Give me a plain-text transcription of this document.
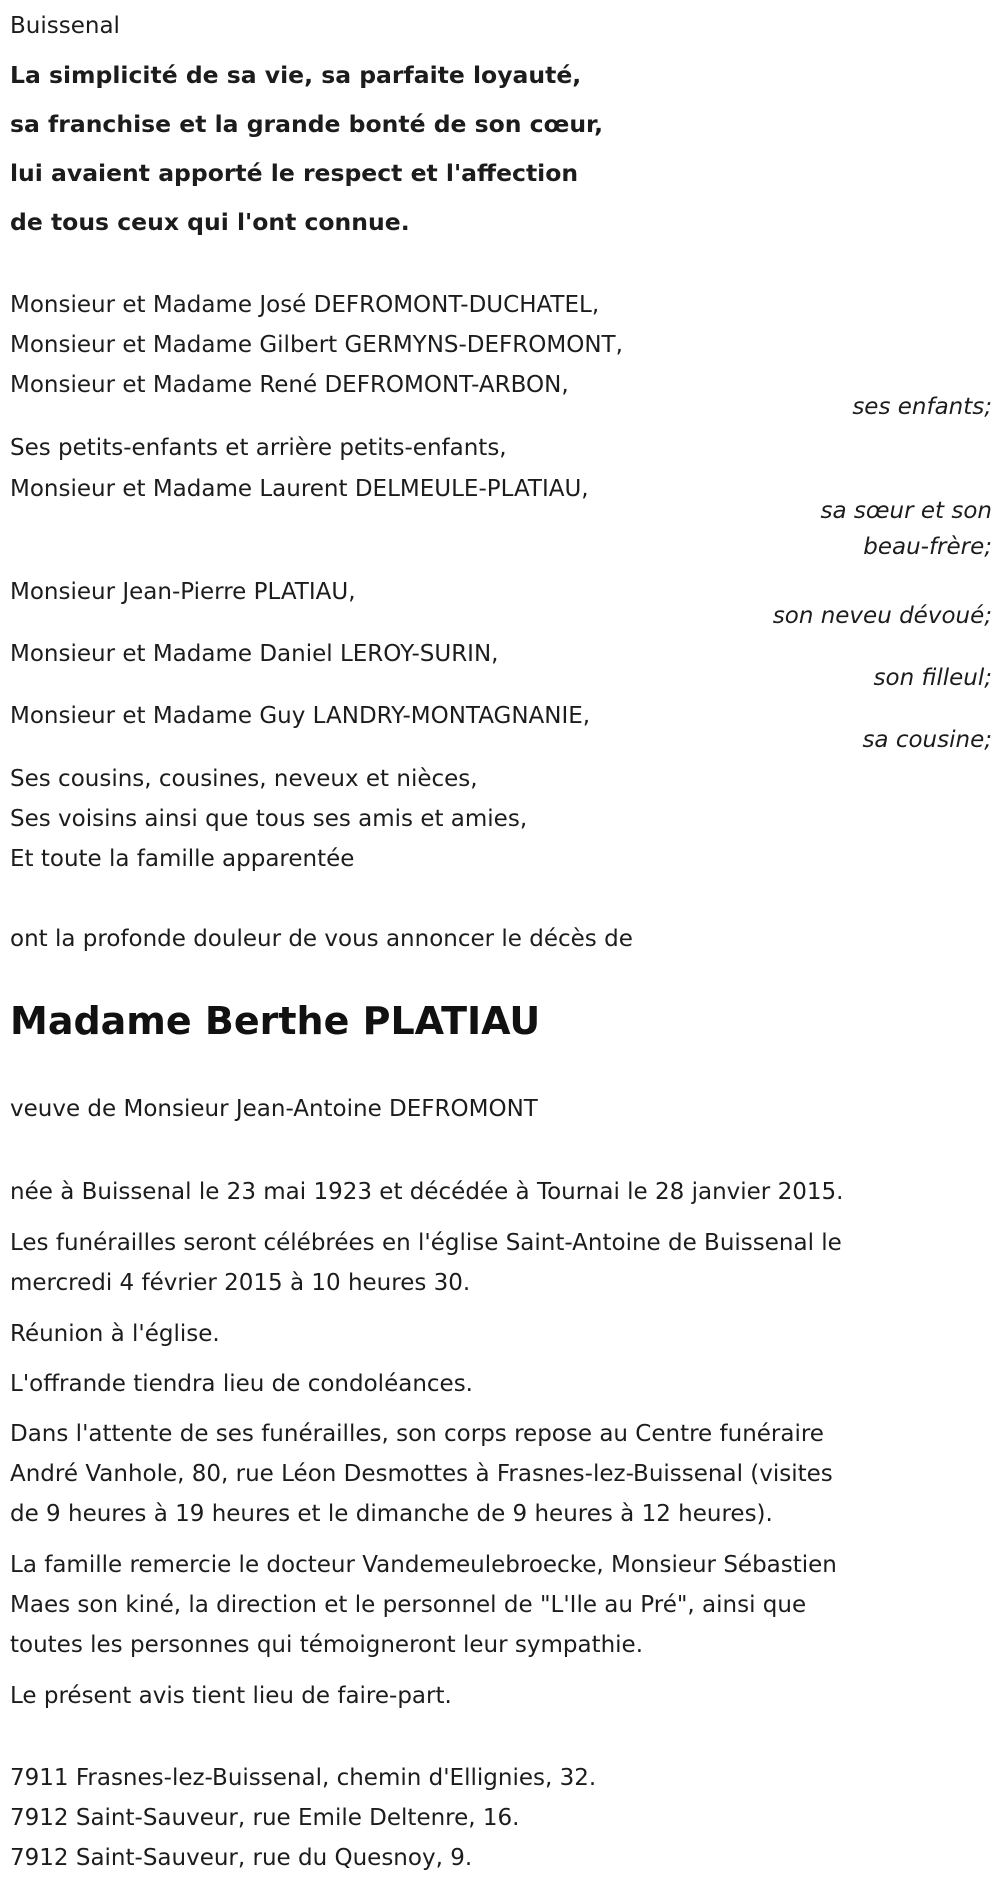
Buissenal

La simplicité de sa vie, sa parfaite loyauté,
sa franchise et la grande bonté de son cœur,
lui avaient apporté le respect et l'affection
de tous ceux qui l'ont connue.

Monsieur et Madame José DEFROMONT-DUCHATEL,
Monsieur et Madame Gilbert GERMYNS-DEFROMONT,
Monsieur et Madame René DEFROMONT-ARBON,

ses enfants;

Ses petits-enfants et arrière petits-enfants,

Monsieur et Madame Laurent DELMEULE-PLATIAU,

sa sœur et son
beau-frère;

Monsieur Jean-Pierre PLATIAU,

son neveu dévoué;

Monsieur et Madame Daniel LEROY-SURIN,

son filleul;

Monsieur et Madame Guy LANDRY-MONTAGNANIE,

sa cousine;

Ses cousins, cousines, neveux et nièces,
Ses voisins ainsi que tous ses amis et amies,
Et toute la famille apparentée

ont la profonde douleur de vous annoncer le décès de

Madame Berthe PLATIAU

veuve de Monsieur Jean-Antoine DEFROMONT

née à Buissenal le 23 mai 1923 et décédée à Tournai le 28 janvier 2015.

Les funérailles seront célébrées en l'église Saint-Antoine de Buissenal le
mercredi 4 février 2015 à 10 heures 30.

Réunion à l'église.

L'offrande tiendra lieu de condoléances.

Dans l'attente de ses funérailles, son corps repose au Centre funéraire
André Vanhole, 80, rue Léon Desmottes à Frasnes-lez-Buissenal (visites
de 9 heures à 19 heures et le dimanche de 9 heures à 12 heures).

La famille remercie le docteur Vandemeulebroecke, Monsieur Sébastien
Maes son kiné, la direction et le personnel de "L'Ile au Pré", ainsi que
toutes les personnes qui témoigneront leur sympathie.

Le présent avis tient lieu de faire-part.

7911 Frasnes-lez-Buissenal, chemin d'Ellignies, 32.
7912 Saint-Sauveur, rue Emile Deltenre, 16.
7912 Saint-Sauveur, rue du Quesnoy, 9.
